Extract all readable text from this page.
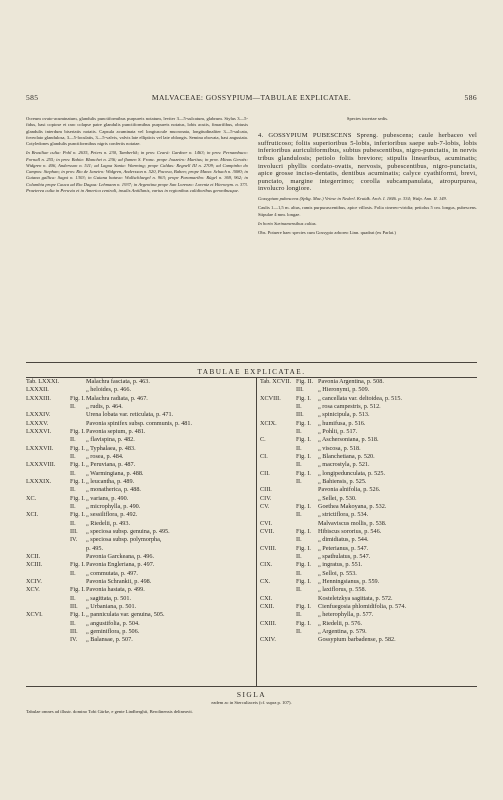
585	MALVACEAE: GOSSYPIUM—TABULAE EXPLICATAE.	586

Ocreum ovato-acuminatum, glandulis punctiformibus purpureis notatum, leviter 3—5-sulcatum, glabrum. Stylus 3—5-fidus, basi copiose et raro colapse patre glandulis punctiformibus purpureis notatus, lobis acutis, fimarifibus, obtusis glandulis interdum biseriatis notatis. Capsula acuminata vel longiuscule mucronata, longitudinaliter 3—5-sulcata, foveolato glandulosa, 3—5-loculatis, 3—5-valvis, valvis late ellipticis vel late oblongis. Semina obovata, basi angustata. Cotyledones glandulis punctiformibus nigris confertis notatae.

In Brasiliae culta: Pohl n. 2635, Peters n. 230, Tamberlik; in prov. Ceará: Gardner n. 1463; in prov. Pernambuco: Fornall n. 255; in prov. Bahia: Blanchet n. 236; ad flumen S. Franc. prope Joazeiro: Martius; in prov. Minas Geraës: Widgren n. 406, Andersson n. 511; ad Lagoa Santa: Warming; prope Caldas: Regnell III n. 2709; ad Campinho do Campos: Stephan; in prov. Rio de Janeiro: Widgren, Andersson n. 520, Pacova, Bahen; prope Mana: Schach n. 3080; in Guiana gallica: Sagot n. 1303; in Guiana batava: Wullschlaegel n. 963; prope Paramaribo: Rügel n. 369, 962; in Columbia prope Cauca ad Rio Dagua: Lehmann n. 1937; in Argentina prope San Lorenzo: Lorentz et Hieronym. n. 373. Praeterea culta in Peruvia et in America centrali, insulis Antillanis, varius in regionibus calidioribus geronibusque.

Species incertae sedis.

4. GOSSYPIUM PUBESCENS Spreng. pubescens; caule herbaceo vel suffruticoso; foliis superioribus 5-lobis, inferioribus saepe sub-7-lobis, lobis inferioribus auriculiformibus, subtus pubescentibus, nigro-punctatis, in nervis tribus glandulosis; petiolo foliis breviore; stipulis linearibus, acuminatis; involucri phyllis cordato-ovatis, nervosis, pubescentibus, nigro-punctatis, apice grosse inciso-dentatis, dentibus acuminatis; calyce cyathiformi, brevi, punctato, margine integerrimo; corolla subcampanulata, atropurpurea, involucro longiore.

Gossypium pubescens (Spltg. Mac.) Vriese in Nederl. Kruidk. Arch. I. 1846. p. 334; Walp. Ann. II. 149.

Caulis 1—1,5 m. altus, ramis purpurascentibus, apice villosis. Folia cinereo-viridia; petiolus 5 cm. longus, pubescens. Stipulae 4 mm. longae.

In horto Surinamensibus cultus.

Obs. Potuere haec species cum Gossypio arboreo Linn. quadrat (ex Parlat.)

TABULAE EXPLICATAE.
Tab. LXXXI.	Malachra fasciata, p. 463.
LXXXII.	„ heloides, p. 466.
LXXXIII.	Fig. I. Malachra radiata, p. 467.
II. „ rudis, p. 464.
LXXXIV.	Urena lobata var. reticulata, p. 471.
LXXXV.	Pavonia spinifex subsp. communis, p. 481.
LXXXVI.	Fig. I. Pavonia sepium, p. 481.
II. „ flavispina, p. 482.
LXXXVII.	Fig. I. „ Typhalaea, p. 483.
II. „ rosea, p. 484.
LXXXVIII. Fig. I. „ Peruviana, p. 487.
II. „ Warmingiana, p. 488.
LXXXIX.	Fig. I. „ leucantha, p. 489.
II. „ monatherica, p. 488.
XC.	Fig. I. „ varians, p. 490.
II. „ microphylla, p. 490.
XCI.	Fig. I. „ sessiliflora, p. 492.
II. „ Riedelii, p. 493.
III. „ speciosa subsp. genuina, p. 495.
IV. „ speciosa subsp. polymorpha,
p. 495.
XCII.	Pavonia Garckeana, p. 496.
XCIII.	Fig. I. Pavonia Engleriana, p. 497.
II. „ commutata, p. 497.
XCIV.	Pavonia Schrankii, p. 498.
XCV.	Fig. I. Pavonia hastata, p. 499.
II. „ sagittata, p. 501.
III. „ Urbaniana, p. 501.
XCVI.	Fig. I. „ panniculata var. genuina, 505.
II. „ angustifolia, p. 504.
III. „ geminiflora, p. 506.
IV. „ Balansae, p. 507.
Tab. XCVII. Fig. II. Pavonia Argentina, p. 508.
III. „ Hieronymi, p. 509.
XCVIII. Fig. I. „ cancellata var. deltoidea, p. 515.
II.	„ rosa campestris, p. 512.
III. „ spinicipula, p. 513.
XCIX.	Fig. I. „ humifusa, p. 516.
II.	„ Pohlii, p. 517.
C.	Fig. I. „ Aschersoniana, p. 518.
II.	„ viscosa, p. 518.
CI.	Fig. I. „ Blanchetiana, p. 520.
II.	„ macrostyla, p. 521.
CII.	Fig. I. „ longipedunculata, p. 525.
II.	„ Bahiensis, p. 525.
CIII.	Pavonia alnifolia, p. 526.
CIV.	„ Sellei, p. 530.
CV.	Fig. I. Goethea Makoyana, p. 532.
II.	„ strictiflora, p. 534.
CVI.	Malvaviscus mollis, p. 538.
CVII.	Fig. I. Hibiscus sororius, p. 546.
II.	„ dimidiatus, p. 544.
CVIII.	Fig. I. „ Peterianus, p. 547.
II.	„ spathulatus, p. 547.
CIX.	Fig. I. „ ingratus, p. 551.
II.	„ Selloi, p. 553.
CX.	Fig. I. „ Henningsianus, p. 559.
II.	„ laxiflorus, p. 558.
CXI.	Kosteletzkya sagittata, p. 572.
CXII.	Fig. I. Cienfuegosia phlomidifolia, p. 574.
II.	„ heterophylla, p. 577.
CXIII.	Fig. I. „ Riedelii, p. 576.
II.	„ Argentina, p. 579.
CXIV.	Gossypium barbadense, p. 582.
SIGLA
eadem ac in Sterculiaceis (cf. supra p. 107).
Tabulae omnes ad illustr. domino Tobi Gürke, e gente Lindberghii, Berolinensis delineavit.
